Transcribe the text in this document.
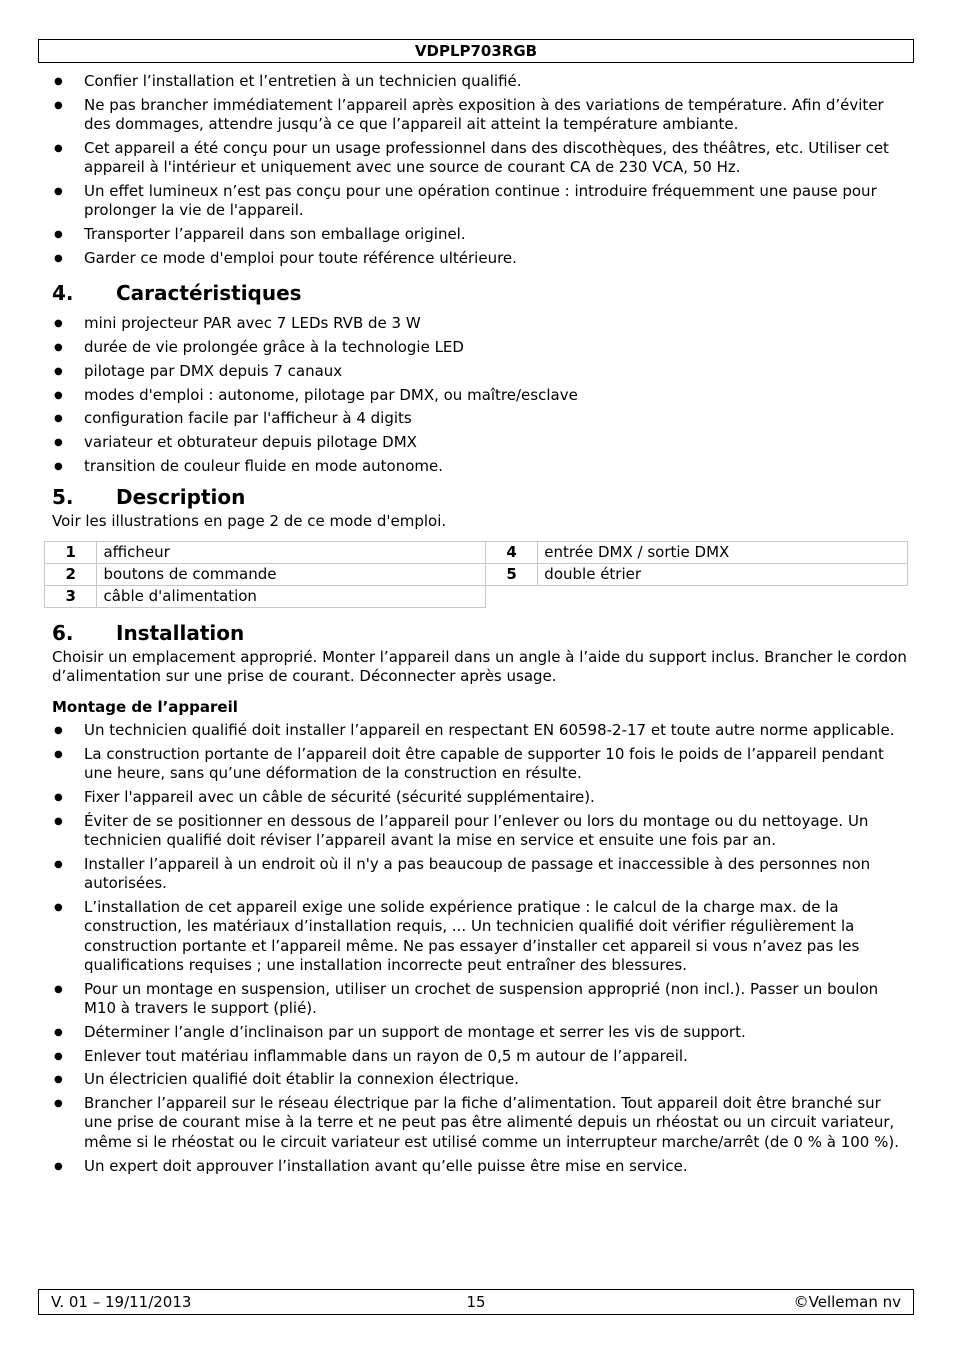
VDPLP703RGB
● Confier l’installation et l’entretien à un technicien qualifié.
● Ne pas brancher immédiatement l’appareil après exposition à des variations de température. Afin d’éviter des dommages, attendre jusqu’à ce que l’appareil ait atteint la température ambiante.
● Cet appareil a été conçu pour un usage professionnel dans des discothèques, des théâtres, etc. Utiliser cet appareil à l'intérieur et uniquement avec une source de courant CA de 230 VCA, 50 Hz.
● Un effet lumineux n’est pas conçu pour une opération continue : introduire fréquemment une pause pour prolonger la vie de l'appareil.
● Transporter l’appareil dans son emballage originel.
● Garder ce mode d'emploi pour toute référence ultérieure.
4. Caractéristiques
● mini projecteur PAR avec 7 LEDs RVB de 3 W
● durée de vie prolongée grâce à la technologie LED
● pilotage par DMX depuis 7 canaux
● modes d'emploi : autonome, pilotage par DMX, ou maître/esclave
● configuration facile par l'afficheur à 4 digits
● variateur et obturateur depuis pilotage DMX
● transition de couleur fluide en mode autonome.
5. Description

Voir les illustrations en page 2 de ce mode d'emploi.

1	afficheur	4	entrée DMX / sortie DMX
2	boutons de commande	5	double étrier
3	câble d'alimentation		
6. Installation

Choisir un emplacement approprié. Monter l’appareil dans un angle à l’aide du support inclus. Brancher le cordon d’alimentation sur une prise de courant. Déconnecter après usage.

Montage de l’appareil
● Un technicien qualifié doit installer l’appareil en respectant EN 60598-2-17 et toute autre norme applicable.
● La construction portante de l’appareil doit être capable de supporter 10 fois le poids de l’appareil pendant une heure, sans qu’une déformation de la construction en résulte.
● Fixer l'appareil avec un câble de sécurité (sécurité supplémentaire).
● Éviter de se positionner en dessous de l’appareil pour l’enlever ou lors du montage ou du nettoyage. Un technicien qualifié doit réviser l’appareil avant la mise en service et ensuite une fois par an.
● Installer l’appareil à un endroit où il n'y a pas beaucoup de passage et inaccessible à des personnes non autorisées.
● L’installation de cet appareil exige une solide expérience pratique : le calcul de la charge max. de la construction, les matériaux d’installation requis, ... Un technicien qualifié doit vérifier régulièrement la construction portante et l’appareil même. Ne pas essayer d’installer cet appareil si vous n’avez pas les qualifications requises ; une installation incorrecte peut entraîner des blessures.
● Pour un montage en suspension, utiliser un crochet de suspension approprié (non incl.). Passer un boulon M10 à travers le support (plié).
● Déterminer l’angle d’inclinaison par un support de montage et serrer les vis de support.
● Enlever tout matériau inflammable dans un rayon de 0,5 m autour de l’appareil.
● Un électricien qualifié doit établir la connexion électrique.
● Brancher l’appareil sur le réseau électrique par la fiche d’alimentation. Tout appareil doit être branché sur une prise de courant mise à la terre et ne peut pas être alimenté depuis un rhéostat ou un circuit variateur, même si le rhéostat ou le circuit variateur est utilisé comme un interrupteur marche/arrêt (de 0 % à 100 %).
● Un expert doit approuver l’installation avant qu’elle puisse être mise en service.
V. 01 – 19/11/2013	15	©Velleman nv
